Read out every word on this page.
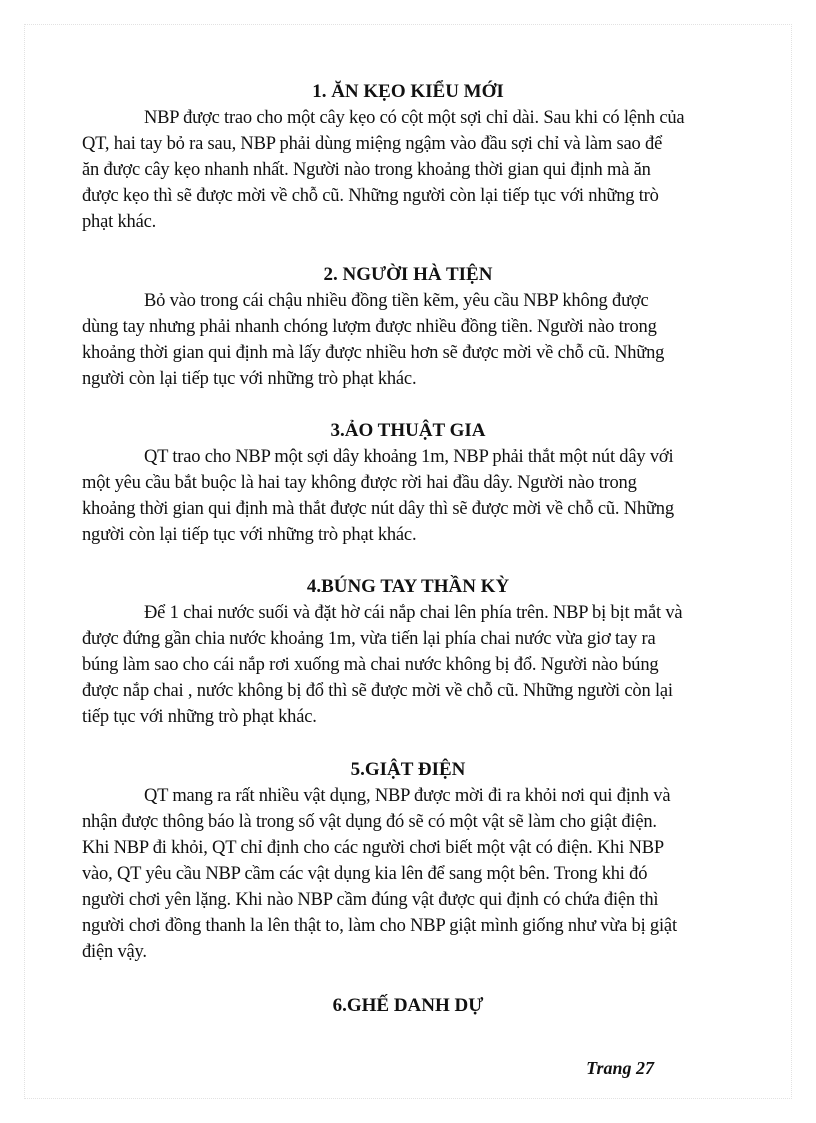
1. ĂN KẸO KIỂU MỚI
NBP được trao cho một cây kẹo có cột một sợi chỉ dài. Sau khi có lệnh của
QT, hai tay bỏ ra sau, NBP phải dùng miệng ngậm vào đầu sợi chỉ và làm sao để
ăn được cây kẹo nhanh nhất. Người nào trong khoảng thời gian qui định mà ăn
được kẹo thì sẽ được mời về chỗ cũ. Những người còn lại tiếp tục với những trò
phạt khác.
2. NGƯỜI HÀ TIỆN
Bỏ vào trong cái chậu nhiều đồng tiền kẽm, yêu cầu NBP không được
dùng tay nhưng phải nhanh chóng lượm được nhiều đồng tiền. Người nào trong
khoảng thời gian qui định mà lấy được nhiều hơn sẽ được mời về chỗ cũ. Những
người còn lại tiếp tục với những trò phạt khác.
3.ẢO THUẬT GIA
QT trao cho NBP một sợi dây khoảng 1m, NBP phải thắt một nút dây với
một yêu cầu bắt buộc là hai tay không được rời hai đầu dây. Người nào trong
khoảng thời gian qui định mà thắt được nút dây thì sẽ được mời về chỗ cũ. Những
người còn lại tiếp tục với những trò phạt khác.
4.BÚNG TAY THẦN KỲ
Để 1 chai nước suối và đặt hờ cái nắp chai lên phía trên. NBP bị bịt mắt và
được đứng gần chia nước khoảng 1m, vừa tiến lại phía chai nước vừa giơ tay ra
búng làm sao cho cái nắp rơi xuống mà chai nước không bị đổ. Người nào búng
được nắp chai , nước không bị đổ thì sẽ được mời về chỗ cũ. Những người còn lại
tiếp tục với những trò phạt khác.
5.GIẬT ĐIỆN
QT mang ra rất nhiều vật dụng, NBP được mời đi ra khỏi nơi qui định và
nhận được thông báo là trong số vật dụng đó sẽ có một vật sẽ làm cho giật điện.
Khi NBP đi khỏi, QT chỉ định cho các người chơi biết một vật có điện. Khi NBP
vào, QT yêu cầu NBP cầm các vật dụng kia lên để sang một bên. Trong khi đó
người chơi yên lặng. Khi nào NBP cầm đúng vật được qui định có chứa điện thì
người chơi đồng thanh la lên thật to, làm cho NBP giật mình giống như vừa bị giật
điện vậy.
6.GHẾ DANH DỰ
Trang 27
